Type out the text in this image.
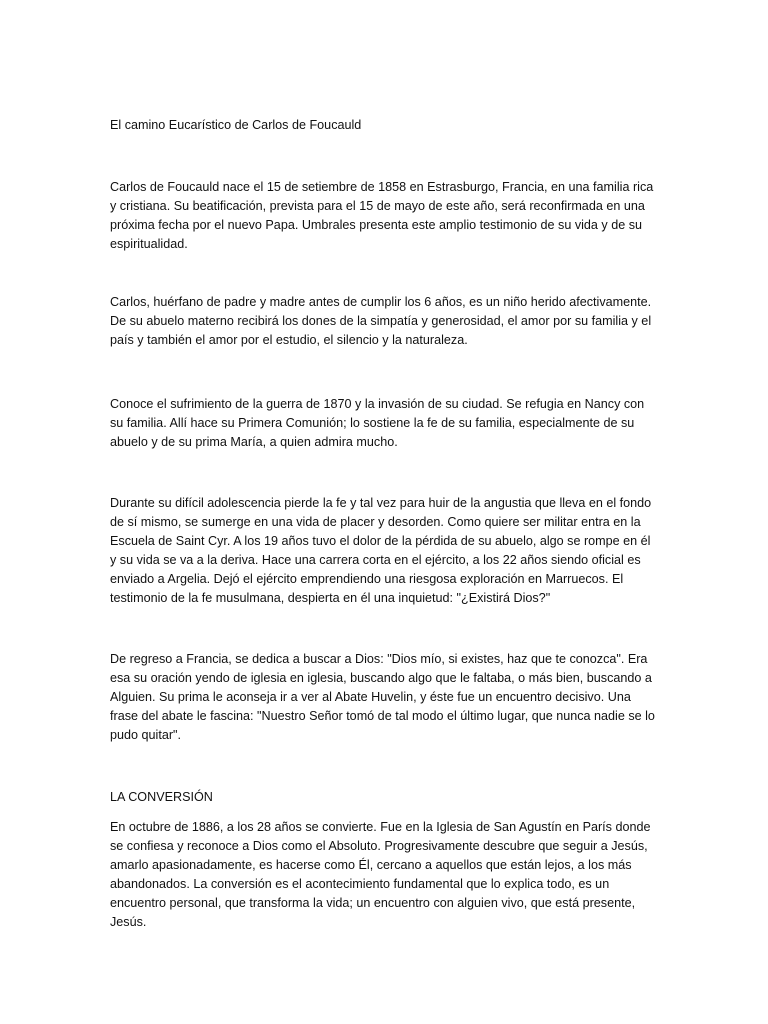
El camino Eucarístico de Carlos de Foucauld

Carlos de Foucauld nace el 15 de setiembre de 1858 en Estrasburgo, Francia, en una familia rica y cristiana. Su beatificación, prevista para el 15 de mayo de este año, será reconfirmada en una próxima fecha por el nuevo Papa. Umbrales presenta este amplio testimonio de su vida y de su espiritualidad.

Carlos, huérfano de padre y madre antes de cumplir los 6 años, es un niño herido afectivamente. De su abuelo materno recibirá los dones de la simpatía y generosidad, el amor por su familia y el país y también el amor por el estudio, el silencio y la naturaleza.

Conoce el sufrimiento de la guerra de 1870 y la invasión de su ciudad. Se refugia en Nancy con su familia. Allí hace su Primera Comunión; lo sostiene la fe de su familia, especialmente de su abuelo y de su prima María, a quien admira mucho.

Durante su difícil adolescencia pierde la fe y tal vez para huir de la angustia que lleva en el fondo de sí mismo, se sumerge en una vida de placer y desorden. Como quiere ser militar entra en la Escuela de Saint Cyr. A los 19 años tuvo el dolor de la pérdida de su abuelo, algo se rompe en él y su vida se va a la deriva. Hace una carrera corta en el ejército, a los 22 años siendo oficial es enviado a Argelia. Dejó el ejército emprendiendo una riesgosa exploración en Marruecos. El testimonio de la fe musulmana, despierta en él una inquietud: "¿Existirá Dios?"

De regreso a Francia, se dedica a buscar a Dios: "Dios mío, si existes, haz que te conozca". Era esa su oración yendo de iglesia en iglesia, buscando algo que le faltaba, o más bien, buscando a Alguien. Su prima le aconseja ir a ver al Abate Huvelin, y éste fue un encuentro decisivo. Una frase del abate le fascina: "Nuestro Señor tomó de tal modo el último lugar, que nunca nadie se lo pudo quitar".

LA CONVERSIÓN

En octubre de 1886, a los 28 años se convierte. Fue en la Iglesia de San Agustín en París donde se confiesa y reconoce a Dios como el Absoluto. Progresivamente descubre que seguir a Jesús, amarlo apasionadamente, es hacerse como Él, cercano a aquellos que están lejos, a los más abandonados. La conversión es el acontecimiento fundamental que lo explica todo, es un encuentro personal, que transforma la vida; un encuentro con alguien vivo, que está presente, Jesús.
